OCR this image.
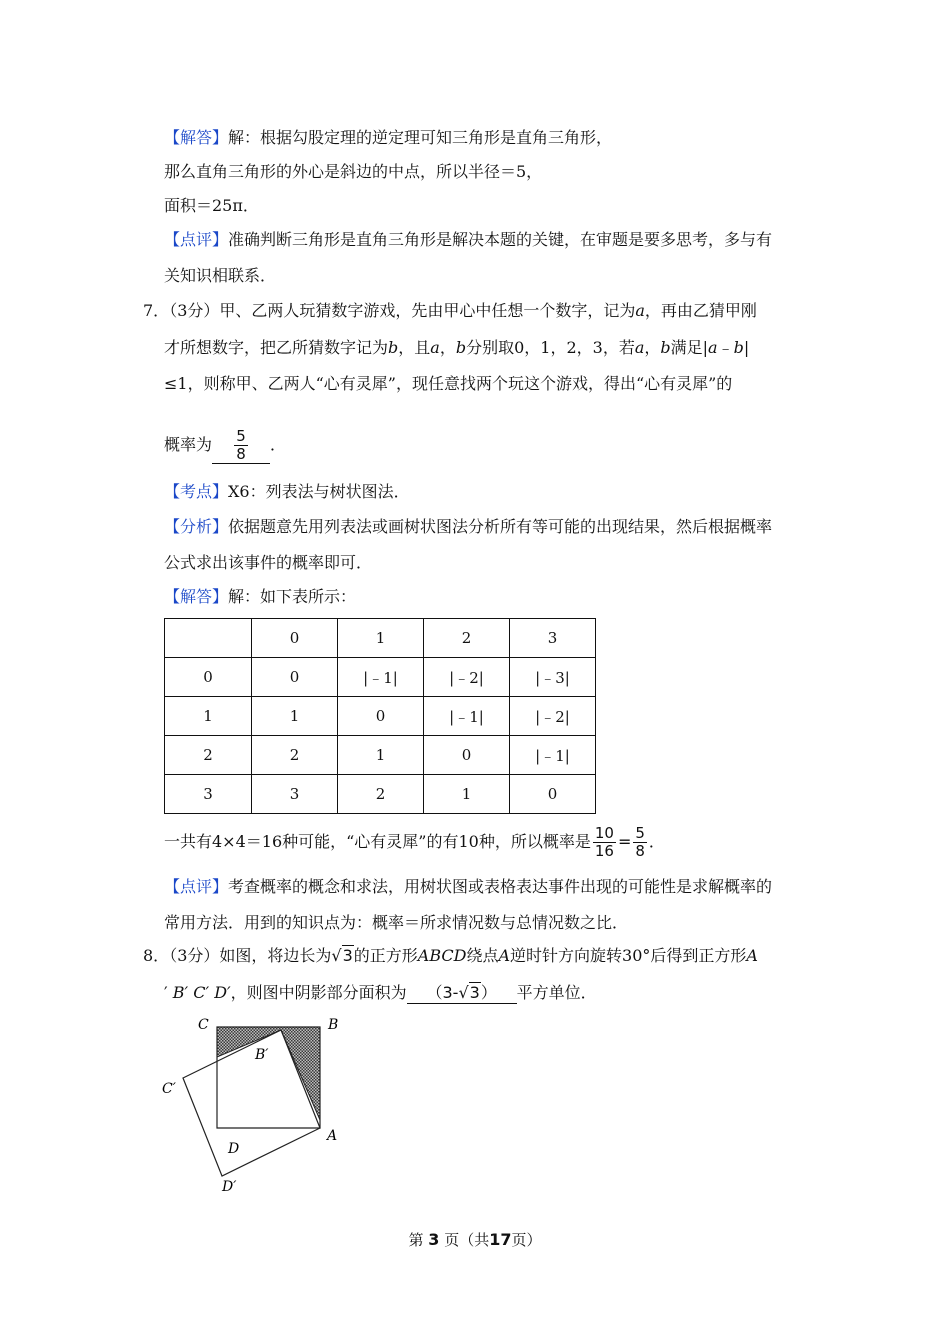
【解答】解：根据勾股定理的逆定理可知三角形是直角三角形，
那么直角三角形的外心是斜边的中点，所以半径＝5，
面积＝25π．
【点评】准确判断三角形是直角三角形是解决本题的关键，在审题是要多思考，多与有
关知识相联系．
7．（3分）甲、乙两人玩猜数字游戏，先由甲心中任想一个数字，记为a，再由乙猜甲刚
才所想数字，把乙所猜数字记为b，且a，b分别取0，1，2，3，若a，b满足|a﹣b|
≤1，则称甲、乙两人“心有灵犀”，现任意找两个玩这个游戏，得出“心有灵犀”的
概率为 $\frac{5}{8}$ ．
【考点】X6：列表法与树状图法．
【分析】依据题意先用列表法或画树状图法分析所有等可能的出现结果，然后根据概率
公式求出该事件的概率即可．
【解答】解：如下表所示：
	0	1	2	3
0	0	|﹣1|	|﹣2|	|﹣3|
1	1	0	|﹣1|	|﹣2|
2	2	1	0	|﹣1|
3	3	2	1	0
一共有4×4＝16种可能，“心有灵犀”的有10种，所以概率是 $\frac{10}{16} = \frac{5}{8}$ ．
【点评】考查概率的概念和求法，用树状图或表格表达事件出现的可能性是求解概率的
常用方法．用到的知识点为：概率＝所求情况数与总情况数之比．
8．（3分）如图，将边长为√3的正方形ABCD绕点A逆时针方向旋转30°后得到正方形A
′ B′ C′ D′，则图中阴影部分面积为 （3-√3） 平方单位．
C	B
B′
C′
D
A
D′
第 3 页（共17页）
